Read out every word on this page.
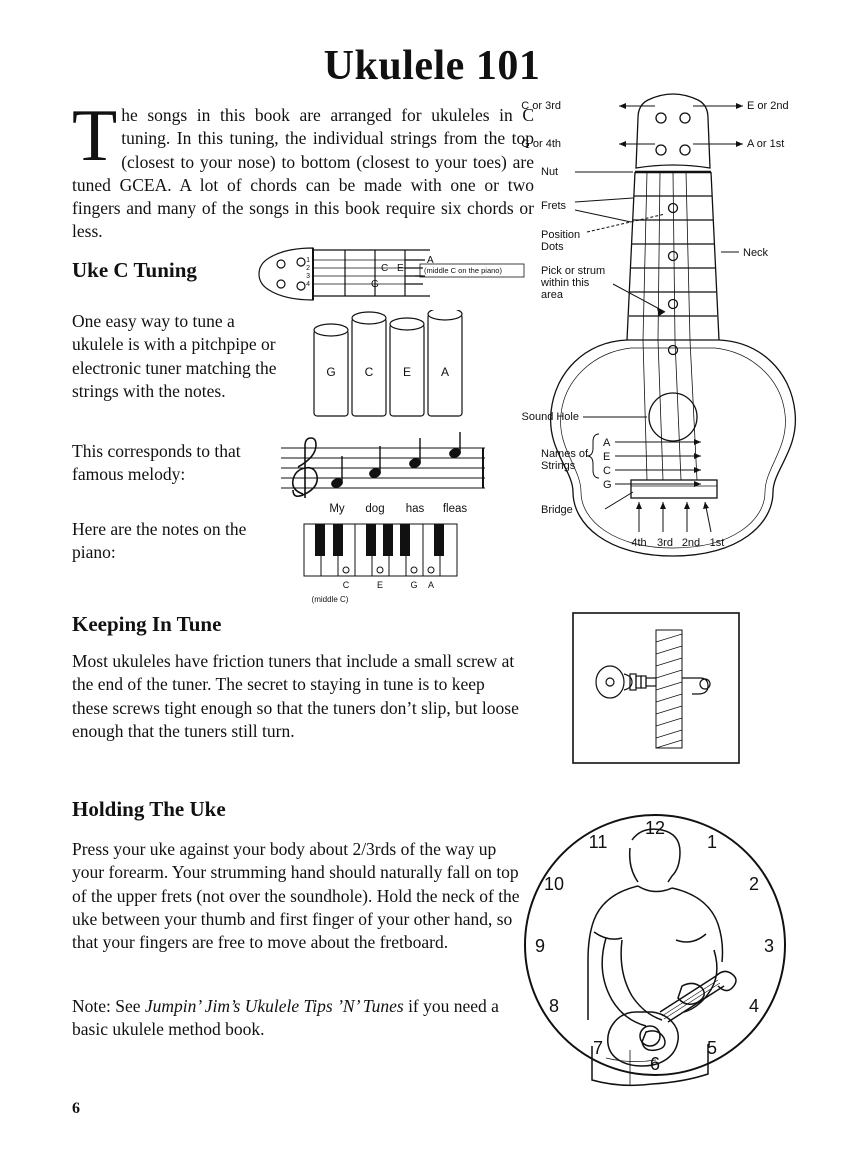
Ukulele 101
The songs in this book are arranged for ukuleles in C tuning. In this tuning, the individual strings from the top (closest to your nose) to bottom (closest to your toes) are tuned GCEA. A lot of chords can be made with one or two fingers and many of the songs in this book require six chords or less.
Uke C Tuning

One easy way to tune a ukulele is with a pitchpipe or electronic tuner matching the strings with the notes.

This corresponds to that famous melody:

Here are the notes on the piano:

Keeping In Tune

Most ukuleles have friction tuners that include a small screw at the end of the tuner. The secret to staying in tune is to keep these screws tight enough so that the tuners don’t slip, but loose enough that the tuners still turn.

Holding The Uke

Press your uke against your body about 2/3rds of the way up your forearm. Your strumming hand should naturally fall on top of the upper frets (not over the soundhole). Hold the neck of the uke between your thumb and first finger of your other hand, so that your fingers are free to move about the fretboard.

Note: See Jumpin’ Jim’s Ukulele Tips ’N’ Tunes if you need a basic ukulele method book.

6
C or 3rd	E or 2nd
G or 4th	A or 1st
Nut
Frets
Position
Dots	Neck
Pick or strum
within this
area
Sound Hole
Names of
Strings
Bridge
A
E
C
G
4th 3rd 2nd 1st
1
2
3
4
A
E
C
G
(middle C on the piano)
G C E A
My dog has fleas
C	E	G A
(middle C)
12
1
2
3
4
5
6
7
8
9
10
11
